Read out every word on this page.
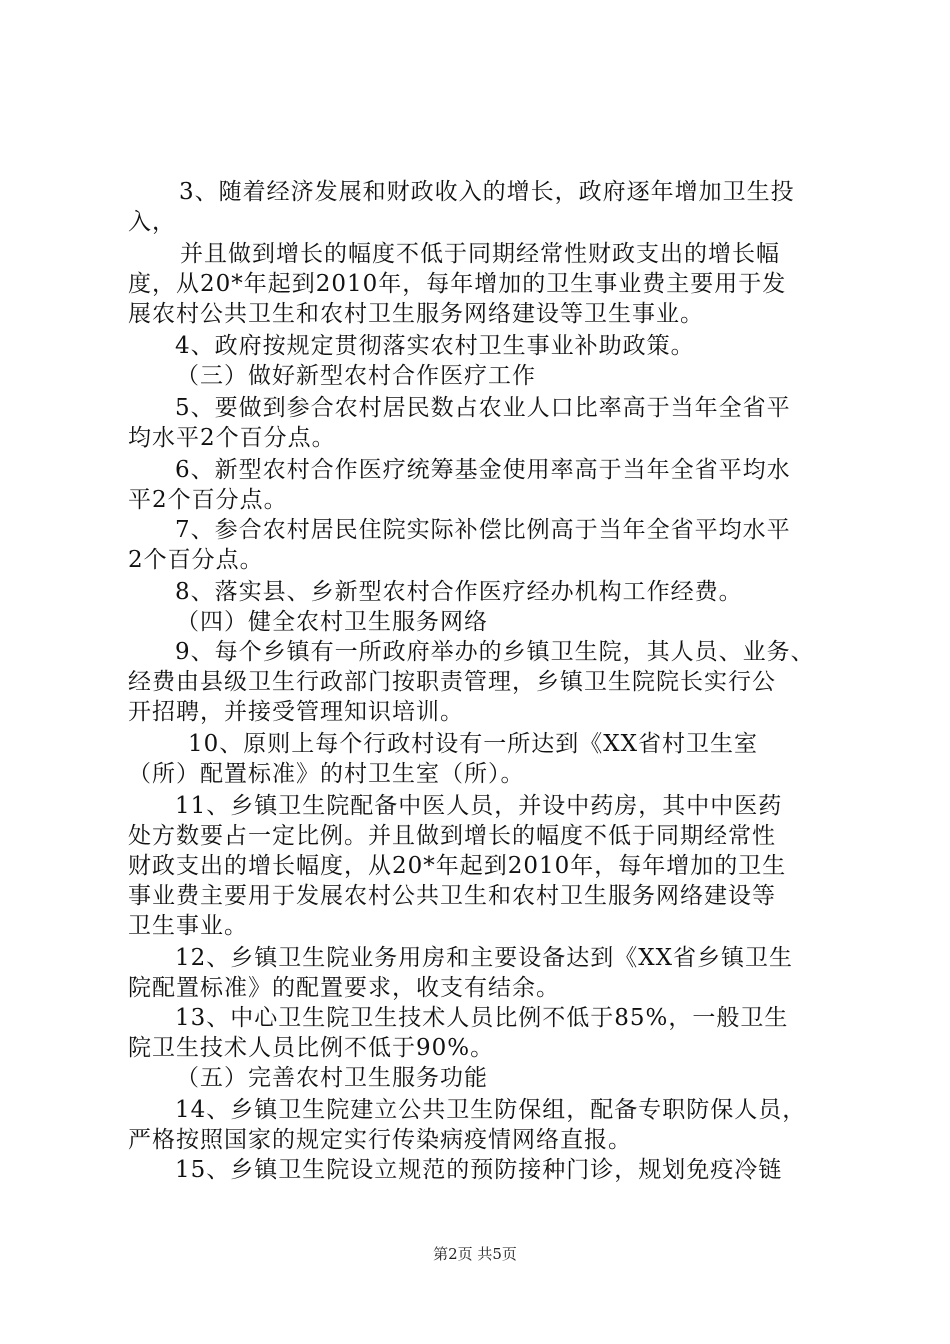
3、随着经济发展和财政收入的增长，政府逐年增加卫生投
入，
并且做到增长的幅度不低于同期经常性财政支出的增长幅
度，从20*年起到2010年，每年增加的卫生事业费主要用于发
展农村公共卫生和农村卫生服务网络建设等卫生事业。
4、政府按规定贯彻落实农村卫生事业补助政策。
（三）做好新型农村合作医疗工作
5、要做到参合农村居民数占农业人口比率高于当年全省平
均水平2个百分点。
6、新型农村合作医疗统筹基金使用率高于当年全省平均水
平2个百分点。
7、参合农村居民住院实际补偿比例高于当年全省平均水平
2个百分点。
8、落实县、乡新型农村合作医疗经办机构工作经费。
（四）健全农村卫生服务网络
9、每个乡镇有一所政府举办的乡镇卫生院，其人员、业务、
经费由县级卫生行政部门按职责管理，乡镇卫生院院长实行公
开招聘，并接受管理知识培训。
10、原则上每个行政村设有一所达到《XX省村卫生室
（所）配置标准》的村卫生室（所）。
11、乡镇卫生院配备中医人员，并设中药房，其中中医药
处方数要占一定比例。并且做到增长的幅度不低于同期经常性
财政支出的增长幅度，从20*年起到2010年，每年增加的卫生
事业费主要用于发展农村公共卫生和农村卫生服务网络建设等
卫生事业。
12、乡镇卫生院业务用房和主要设备达到《XX省乡镇卫生
院配置标准》的配置要求，收支有结余。
13、中心卫生院卫生技术人员比例不低于85%，一般卫生
院卫生技术人员比例不低于90%。
（五）完善农村卫生服务功能
14、乡镇卫生院建立公共卫生防保组，配备专职防保人员，
严格按照国家的规定实行传染病疫情网络直报。
15、乡镇卫生院设立规范的预防接种门诊，规划免疫冷链
第2页 共5页
